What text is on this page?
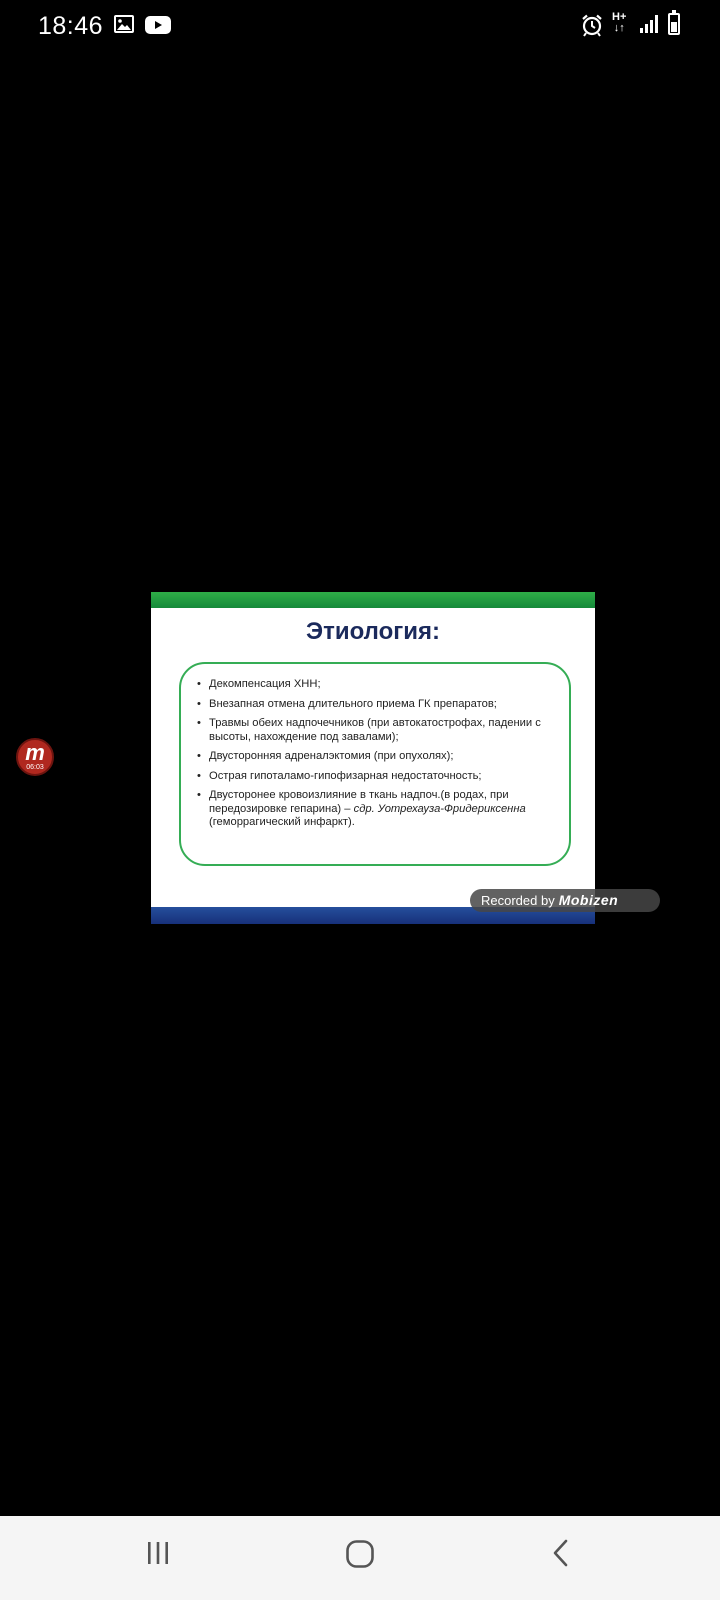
18:46	H+
↓↑
m
06:03
Этиология:
• Декомпенсация ХНН;
• Внезапная отмена длительного приема ГК препаратов;
• Травмы обеих надпочечников (при автокатострофах, падении с высоты, нахождение под завалами);
• Двусторонняя адреналэктомия (при опухолях);
• Острая гипоталамо-гипофизарная недостаточность;
• Двусторонее кровоизлияние в ткань надпоч.(в родах, при передозировке гепарина) – сдр. Уотрехауза-Фридериксенна (геморрагический инфаркт).
Recorded by Mobizen
